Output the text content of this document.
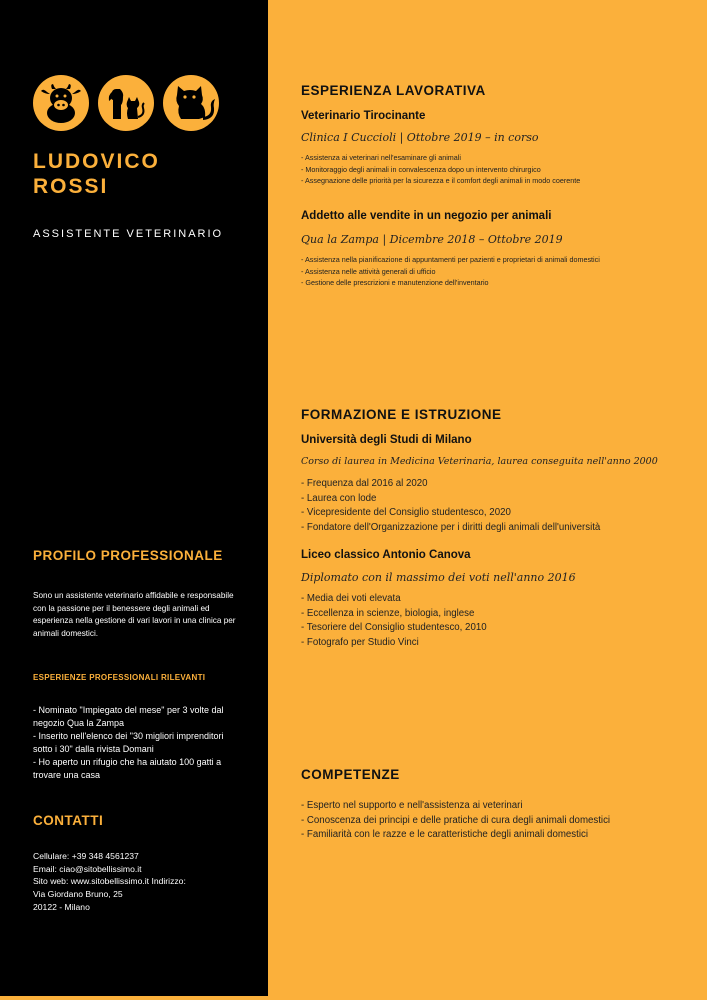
LUDOVICO
ROSSI

ASSISTENTE VETERINARIO

PROFILO PROFESSIONALE

Sono un assistente veterinario affidabile e responsabile con la passione per il benessere degli animali ed esperienza nella gestione di vari lavori in una clinica per animali domestici.

ESPERIENZE PROFESSIONALI RILEVANTI
- Nominato "Impiegato del mese" per 3 volte dal negozio Qua la Zampa
- Inserito nell'elenco dei "30 migliori imprenditori sotto i 30" dalla rivista Domani
- Ho aperto un rifugio che ha aiutato 100 gatti a trovare una casa
CONTATTI
Cellulare: +39 348 4561237
Email: ciao@sitobellissimo.it
Sito web: www.sitobellissimo.it Indirizzo:
Via Giordano Bruno, 25
20122 - Milano
ESPERIENZA LAVORATIVA
Veterinario Tirocinante

Clinica I Cuccioli | Ottobre 2019 – in corso

- Assistenza ai veterinari nell'esaminare gli animali
- Monitoraggio degli animali in convalescenza dopo un intervento chirurgico
- Assegnazione delle priorità per la sicurezza e il comfort degli animali in modo coerente
Addetto alle vendite in un negozio per animali

Qua la Zampa | Dicembre 2018 – Ottobre 2019

- Assistenza nella pianificazione di appuntamenti per pazienti e proprietari di animali domestici
- Assistenza nelle attività generali di ufficio
- Gestione delle prescrizioni e manutenzione dell'inventario
FORMAZIONE E ISTRUZIONE
Università degli Studi di Milano

Corso di laurea in Medicina Veterinaria, laurea conseguita nell'anno 2000

- Frequenza dal 2016 al 2020
- Laurea con lode
- Vicepresidente del Consiglio studentesco, 2020
- Fondatore dell'Organizzazione per i diritti degli animali dell'università
Liceo classico Antonio Canova

Diplomato con il massimo dei voti nell'anno 2016

- Media dei voti elevata
- Eccellenza in scienze, biologia, inglese
- Tesoriere del Consiglio studentesco, 2010
- Fotografo per Studio Vinci
COMPETENZE
- Esperto nel supporto e nell'assistenza ai veterinari
- Conoscenza dei principi e delle pratiche di cura degli animali domestici
- Familiarità con le razze e le caratteristiche degli animali domestici
